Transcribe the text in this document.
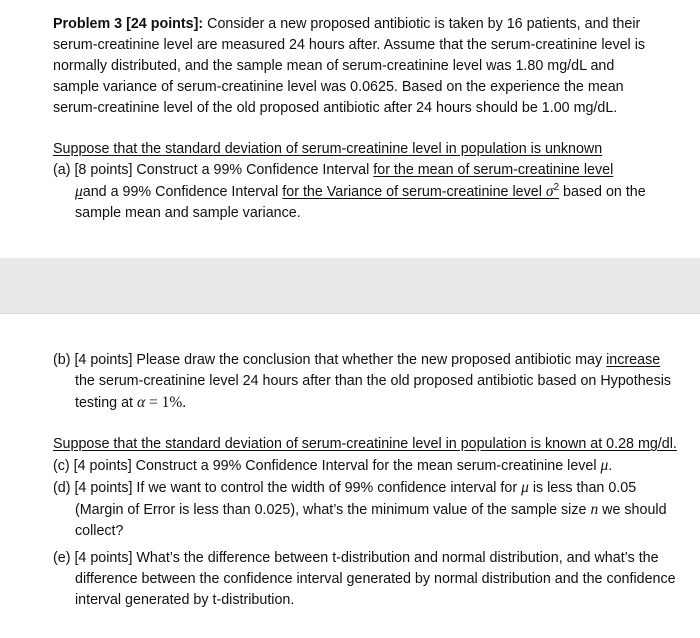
Problem 3 [24 points]: Consider a new proposed antibiotic is taken by 16 patients, and their serum-creatinine level are measured 24 hours after. Assume that the serum-creatinine level is normally distributed, and the sample mean of serum-creatinine level was 1.80 mg/dL and sample variance of serum-creatinine level was 0.0625. Based on the experience the mean serum-creatinine level of the old proposed antibiotic after 24 hours should be 1.00 mg/dL.

Suppose that the standard deviation of serum-creatinine level in population is unknown

(a) [8 points] Construct a 99% Confidence Interval for the mean of serum-creatinine level
μand a 99% Confidence Interval for the Variance of serum-creatinine level $\sigma^2$ based on the sample mean and sample variance.

(b) [4 points] Please draw the conclusion that whether the new proposed antibiotic may increase the serum-creatinine level 24 hours after than the old proposed antibiotic based on Hypothesis testing at α = 1%.

Suppose that the standard deviation of serum-creatinine level in population is known at 0.28 mg/dl.

(c) [4 points] Construct a 99% Confidence Interval for the mean serum-creatinine level μ.

(d) [4 points] If we want to control the width of 99% confidence interval for μ is less than 0.05 (Margin of Error is less than 0.025), what’s the minimum value of the sample size n we should collect?

(e) [4 points] What’s the difference between t-distribution and normal distribution, and what’s the difference between the confidence interval generated by normal distribution and the confidence interval generated by t-distribution.
